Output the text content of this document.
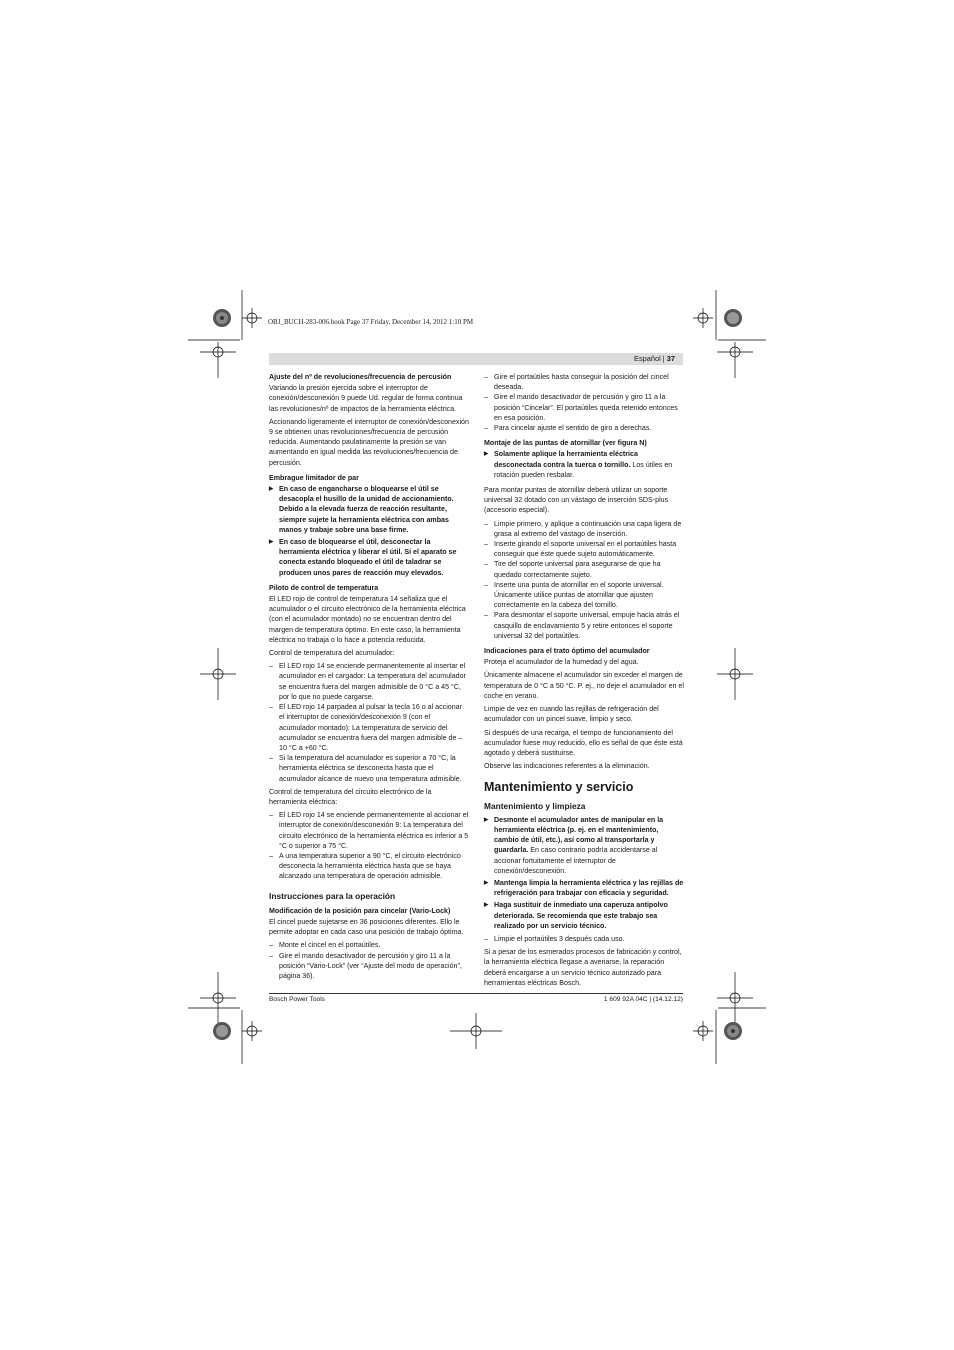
OBJ_BUCH-283-006.book Page 37 Friday, December 14, 2012 1:10 PM
Español | 37
Ajuste del nº de revoluciones/frecuencia de percusión

Variando la presión ejercida sobre el interruptor de conexión/desconexión 9 puede Ud. regular de forma continua las revoluciones/nº de impactos de la herramienta eléctrica.

Accionando ligeramente el interruptor de conexión/desconexión 9 se obtienen unas revoluciones/frecuencia de percusión reducida. Aumentando paulatinamente la presión se van aumentando en igual medida las revoluciones/frecuencia de percusión.

Embrague limitador de par
▶ En caso de engancharse o bloquearse el útil se desacopla el husillo de la unidad de accionamiento. Debido a la elevada fuerza de reacción resultante, siempre sujete la herramienta eléctrica con ambas manos y trabaje sobre una base firme.
▶ En caso de bloquearse el útil, desconectar la herramienta eléctrica y liberar el útil. Si el aparato se conecta estando bloqueado el útil de taladrar se producen unos pares de reacción muy elevados.
Piloto de control de temperatura

El LED rojo de control de temperatura 14 señaliza que el acumulador o el circuito electrónico de la herramienta eléctrica (con el acumulador montado) no se encuentran dentro del margen de temperatura óptimo. En este caso, la herramienta eléctrica no trabaja o lo hace a potencia reducida.

Control de temperatura del acumulador:

– El LED rojo 14 se enciende permanentemente al insertar el acumulador en el cargador: La temperatura del acumulador se encuentra fuera del margen admisible de 0 °C a 45 °C, por lo que no puede cargarse.
– El LED rojo 14 parpadea al pulsar la tecla 16 o al accionar el interruptor de conexión/desconexión 9 (con el acumulador montado): La temperatura de servicio del acumulador se encuentra fuera del margen admisible de – 10 °C a +60 °C.
– Si la temperatura del acumulador es superior a 70 °C, la herramienta eléctrica se desconecta hasta que el acumulador alcance de nuevo una temperatura admisible.

Control de temperatura del circuito electrónico de la herramienta eléctrica:

– El LED rojo 14 se enciende permanentemente al accionar el interruptor de conexión/desconexión 9: La temperatura del circuito electrónico de la herramienta eléctrica es inferior a 5 °C o superior a 75 °C.
– A una temperatura superior a 90 °C, el circuito electrónico desconecta la herramienta eléctrica hasta que se haya alcanzado una temperatura de operación admisible.
Instrucciones para la operación
Modificación de la posición para cincelar (Vario-Lock)

El cincel puede sujetarse en 36 posiciones diferentes. Ello le permite adoptar en cada caso una posición de trabajo óptima.

– Monte el cincel en el portaútiles.
– Gire el mando desactivador de percusión y giro 11 a la posición “Vario-Lock” (ver “Ajuste del modo de operación”, página 36).
– Gire el portaútiles hasta conseguir la posición del cincel deseada.
– Gire el mando desactivador de percusión y giro 11 a la posición “Cincelar”. El portaútiles queda retenido entonces en esa posición.
– Para cincelar ajuste el sentido de giro a derechas.
Montaje de las puntas de atornillar (ver figura N)
▶ Solamente aplique la herramienta eléctrica desconectada contra la tuerca o tornillo. Los útiles en rotación pueden resbalar.

Para montar puntas de atornillar deberá utilizar un soporte universal 32 dotado con un vástago de inserción SDS-plus (accesorio especial).

– Limpie primero, y aplique a continuación una capa ligera de grasa al extremo del vástago de inserción.
– Inserte girando el soporte universal en el portaútiles hasta conseguir que éste quede sujeto automáticamente.
– Tire del soporte universal para asegurarse de que ha quedado correctamente sujeto.
– Inserte una punta de atornillar en el soporte universal. Únicamente utilice puntas de atornillar que ajusten correctamente en la cabeza del tornillo.
– Para desmontar el soporte universal, empuje hacia atrás el casquillo de enclavamiento 5 y retire entonces el soporte universal 32 del portaútiles.
Indicaciones para el trato óptimo del acumulador

Proteja el acumulador de la humedad y del agua.

Únicamente almacene el acumulador sin exceder el margen de temperatura de 0 °C a 50 °C. P. ej., no deje el acumulador en el coche en verano.

Limpie de vez en cuando las rejillas de refrigeración del acumulador con un pincel suave, limpio y seco.

Si después de una recarga, el tiempo de funcionamiento del acumulador fuese muy reducido, ello es señal de que éste está agotado y deberá sustituirse.

Observe las indicaciones referentes a la eliminación.

Mantenimiento y servicio
Mantenimiento y limpieza
▶ Desmonte el acumulador antes de manipular en la herramienta eléctrica (p. ej. en el mantenimiento, cambio de útil, etc.), así como al transportarla y guardarla. En caso contrario podría accidentarse al accionar fortuitamente el interruptor de conexión/desconexión.
▶ Mantenga limpia la herramienta eléctrica y las rejillas de refrigeración para trabajar con eficacia y seguridad.
▶ Haga sustituir de inmediato una caperuza antipolvo deteriorada. Se recomienda que este trabajo sea realizado por un servicio técnico.
– Limpie el portaútiles 3 después cada uso.

Si a pesar de los esmerados procesos de fabricación y control, la herramienta eléctrica llegase a averiarse, la reparación deberá encargarse a un servicio técnico autorizado para herramientas eléctricas Bosch.

Bosch Power Tools	1 609 92A 04C | (14.12.12)
